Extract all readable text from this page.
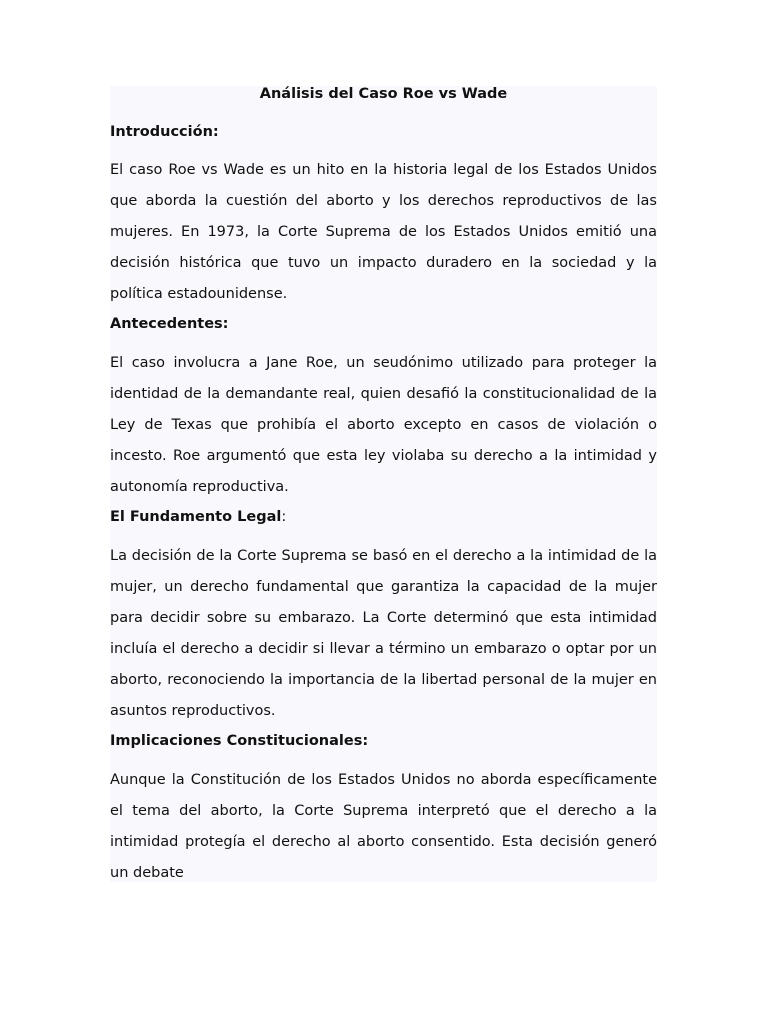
Análisis del Caso Roe vs Wade
Introducción:

El caso Roe vs Wade es un hito en la historia legal de los Estados Unidos que aborda la cuestión del aborto y los derechos reproductivos de las mujeres. En 1973, la Corte Suprema de los Estados Unidos emitió una decisión histórica que tuvo un impacto duradero en la sociedad y la política estadounidense.

Antecedentes:

El caso involucra a Jane Roe, un seudónimo utilizado para proteger la identidad de la demandante real, quien desafió la constitucionalidad de la Ley de Texas que prohibía el aborto excepto en casos de violación o incesto. Roe argumentó que esta ley violaba su derecho a la intimidad y autonomía reproductiva.

El Fundamento Legal:

La decisión de la Corte Suprema se basó en el derecho a la intimidad de la mujer, un derecho fundamental que garantiza la capacidad de la mujer para decidir sobre su embarazo. La Corte determinó que esta intimidad incluía el derecho a decidir si llevar a término un embarazo o optar por un aborto, reconociendo la importancia de la libertad personal de la mujer en asuntos reproductivos.

Implicaciones Constitucionales:

Aunque la Constitución de los Estados Unidos no aborda específicamente el tema del aborto, la Corte Suprema interpretó que el derecho a la intimidad protegía el derecho al aborto consentido. Esta decisión generó un debate
